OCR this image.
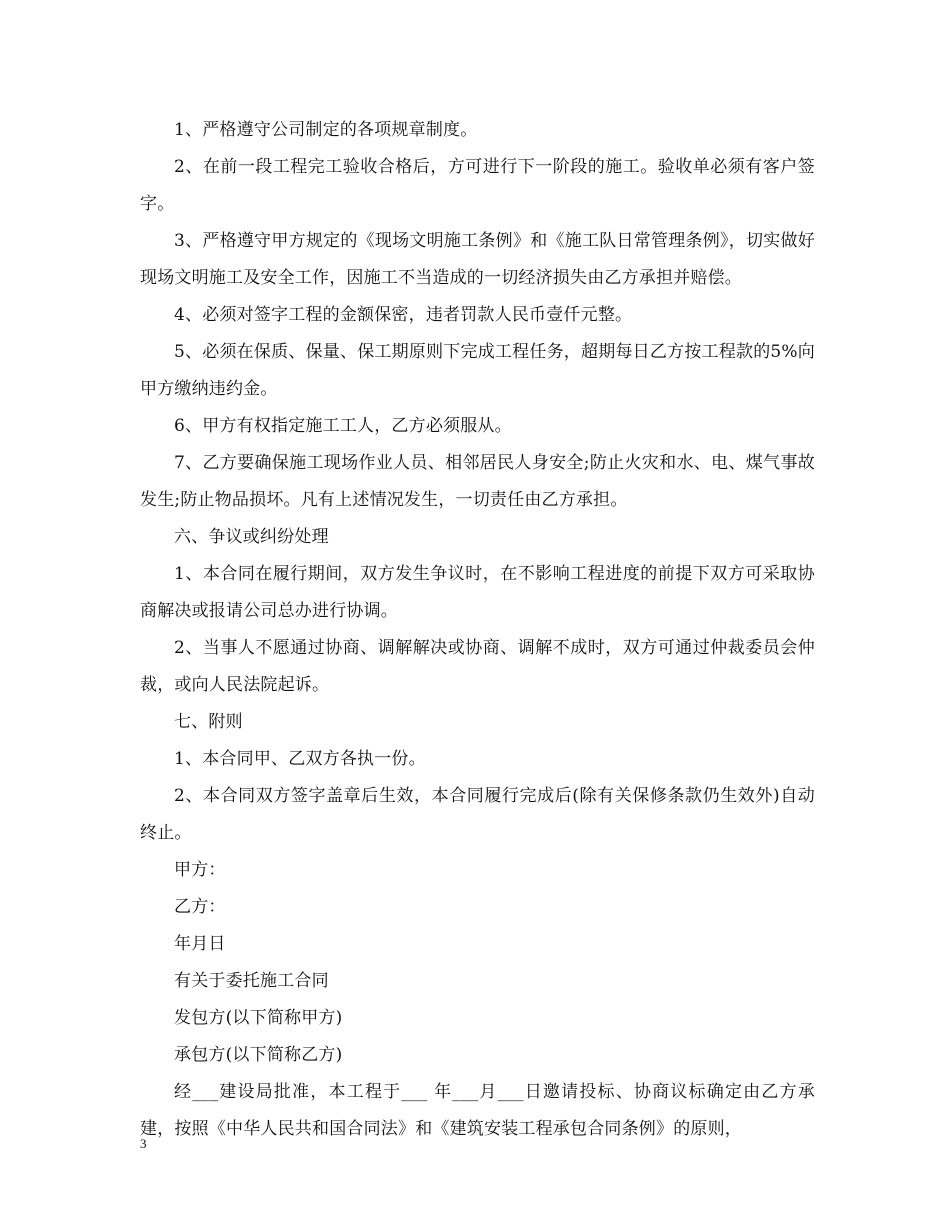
1、严格遵守公司制定的各项规章制度。

2、在前一段工程完工验收合格后，方可进行下一阶段的施工。验收单必须有客户签字。

3、严格遵守甲方规定的《现场文明施工条例》和《施工队日常管理条例》，切实做好现场文明施工及安全工作，因施工不当造成的一切经济损失由乙方承担并赔偿。

4、必须对签字工程的金额保密，违者罚款人民币壹仟元整。

5、必须在保质、保量、保工期原则下完成工程任务，超期每日乙方按工程款的5%向甲方缴纳违约金。

6、甲方有权指定施工工人，乙方必须服从。

7、乙方要确保施工现场作业人员、相邻居民人身安全;防止火灾和水、电、煤气事故发生;防止物品损坏。凡有上述情况发生，一切责任由乙方承担。

六、争议或纠纷处理

1、本合同在履行期间，双方发生争议时，在不影响工程进度的前提下双方可采取协商解决或报请公司总办进行协调。

2、当事人不愿通过协商、调解解决或协商、调解不成时，双方可通过仲裁委员会仲裁，或向人民法院起诉。

七、附则

1、本合同甲、乙双方各执一份。

2、本合同双方签字盖章后生效，本合同履行完成后(除有关保修条款仍生效外)自动终止。

甲方：

乙方：

年月日

有关于委托施工合同

发包方(以下简称甲方)

承包方(以下简称乙方)

经___建设局批准，本工程于___ 年___月___日邀请投标、协商议标确定由乙方承建，按照《中华人民共和国合同法》和《建筑安装工程承包合同条例》的原则，

3
